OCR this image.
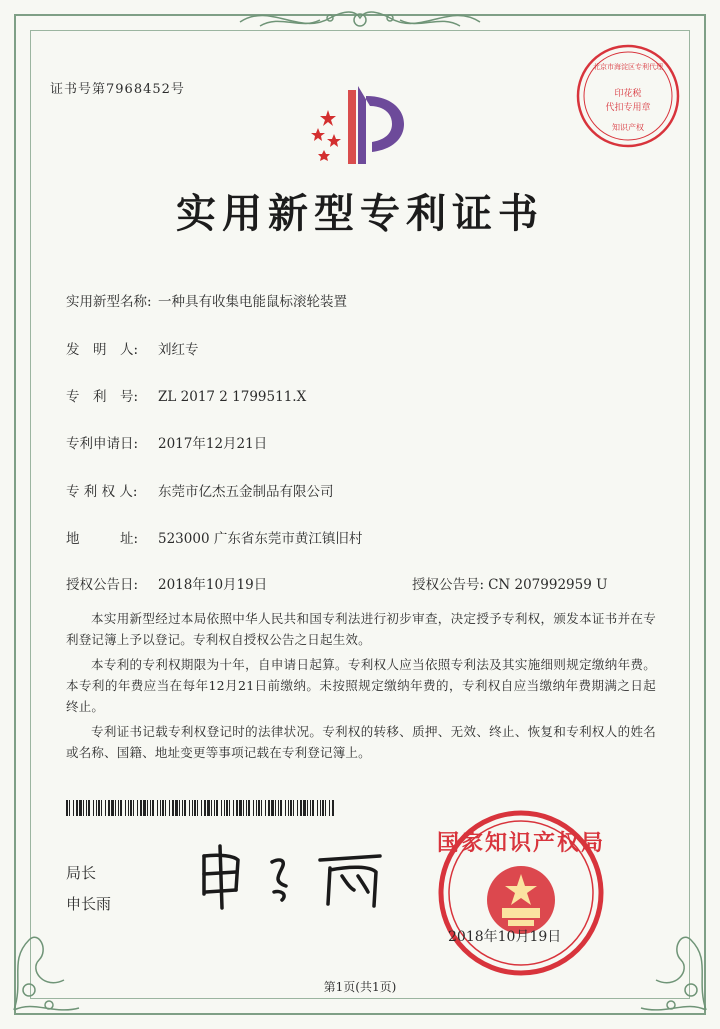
证书号第7968452号
北京市海淀区专利代理
印花税
代扣专用章
知识产权
实用新型专利证书
实用新型名称: 一种具有收集电能鼠标滚轮装置
发　明　人: 刘红专
专　利　号: ZL 2017 2 1799511.X
专利申请日: 2017年12月21日
专 利 权 人: 东莞市亿杰五金制品有限公司
地　　　址: 523000 广东省东莞市黄江镇旧村
授权公告日: 2018年10月19日	授权公告号: CN 207992959 U

本实用新型经过本局依照中华人民共和国专利法进行初步审查，决定授予专利权，颁发本证书并在专利登记簿上予以登记。专利权自授权公告之日起生效。

本专利的专利权期限为十年，自申请日起算。专利权人应当依照专利法及其实施细则规定缴纳年费。本专利的年费应当在每年12月21日前缴纳。未按照规定缴纳年费的，专利权自应当缴纳年费期满之日起终止。

专利证书记载专利权登记时的法律状况。专利权的转移、质押、无效、终止、恢复和专利权人的姓名或名称、国籍、地址变更等事项记载在专利登记簿上。

局长
申长雨
国家知识产权局
2018年10月19日
第1页(共1页)
